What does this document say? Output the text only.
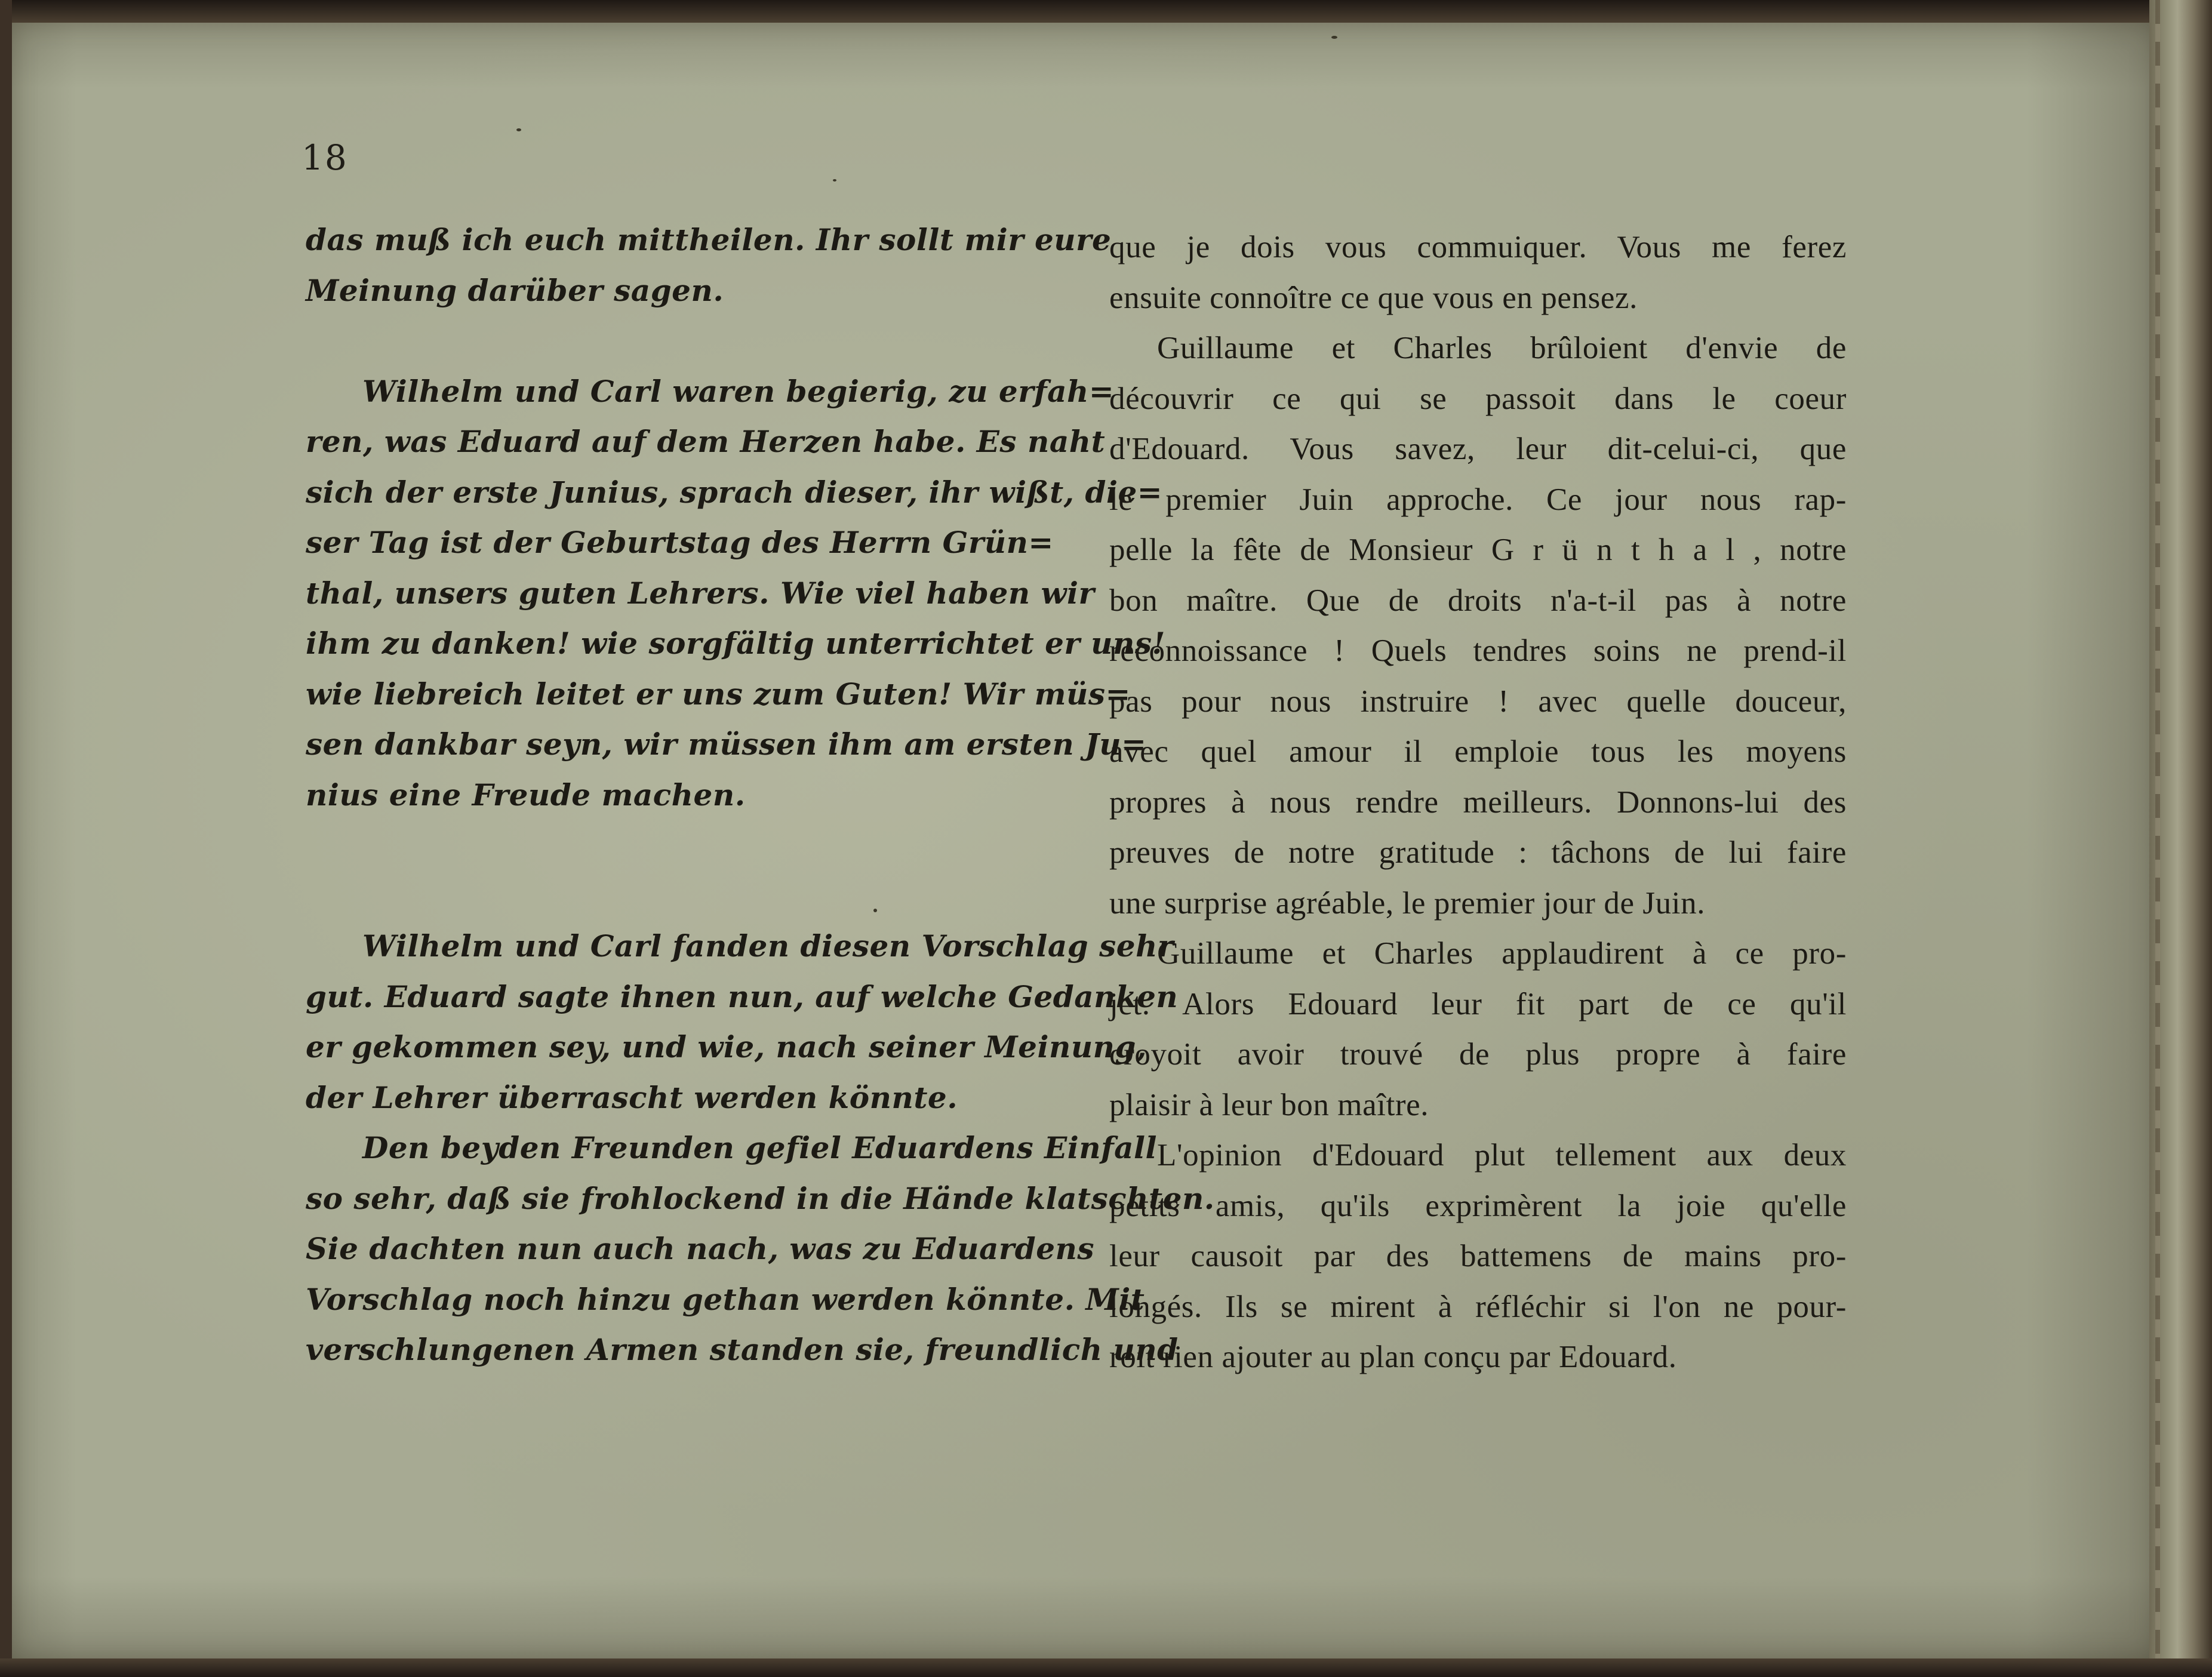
18
das muß ich euch mittheilen. Ihr sollt mir eure
Meinung darüber sagen.
Wilhelm und Carl waren begierig, zu erfah=
ren, was Eduard auf dem Herzen habe. Es naht
sich der erste Junius, sprach dieser, ihr wißt, die=
ser Tag ist der Geburtstag des Herrn Grün=
thal, unsers guten Lehrers. Wie viel haben wir
ihm zu danken! wie sorgfältig unterrichtet er uns!
wie liebreich leitet er uns zum Guten! Wir müs=
sen dankbar seyn, wir müssen ihm am ersten Ju=
nius eine Freude machen.
Wilhelm und Carl fanden diesen Vorschlag sehr
gut. Eduard sagte ihnen nun, auf welche Gedanken
er gekommen sey, und wie, nach seiner Meinung,
der Lehrer überrascht werden könnte.
Den beyden Freunden gefiel Eduardens Einfall
so sehr, daß sie frohlockend in die Hände klatschten.
Sie dachten nun auch nach, was zu Eduardens
Vorschlag noch hinzu gethan werden könnte. Mit
verschlungenen Armen standen sie, freundlich und
que je dois vous commuiquer. Vous me ferez
ensuite connoître ce que vous en pensez.
Guillaume et Charles brûloient d'envie de
découvrir ce qui se passoit dans le coeur
d'Edouard. Vous savez, leur dit-celui-ci, que
le premier Juin approche. Ce jour nous rap-
pelle la fête de Monsieur G r ü n t h a l , notre
bon maître. Que de droits n'a-t-il pas à notre
reconnoissance ! Quels tendres soins ne prend-il
pas pour nous instruire ! avec quelle douceur,
avec quel amour il emploie tous les moyens
propres à nous rendre meilleurs. Donnons-lui des
preuves de notre gratitude : tâchons de lui faire
une surprise agréable, le premier jour de Juin.
Guillaume et Charles applaudirent à ce pro-
jet. Alors Edouard leur fit part de ce qu'il
croyoit avoir trouvé de plus propre à faire
plaisir à leur bon maître.
L'opinion d'Edouard plut tellement aux deux
petits amis, qu'ils exprimèrent la joie qu'elle
leur causoit par des battemens de mains pro-
longés. Ils se mirent à réfléchir si l'on ne pour-
roit rien ajouter au plan conçu par Edouard.
